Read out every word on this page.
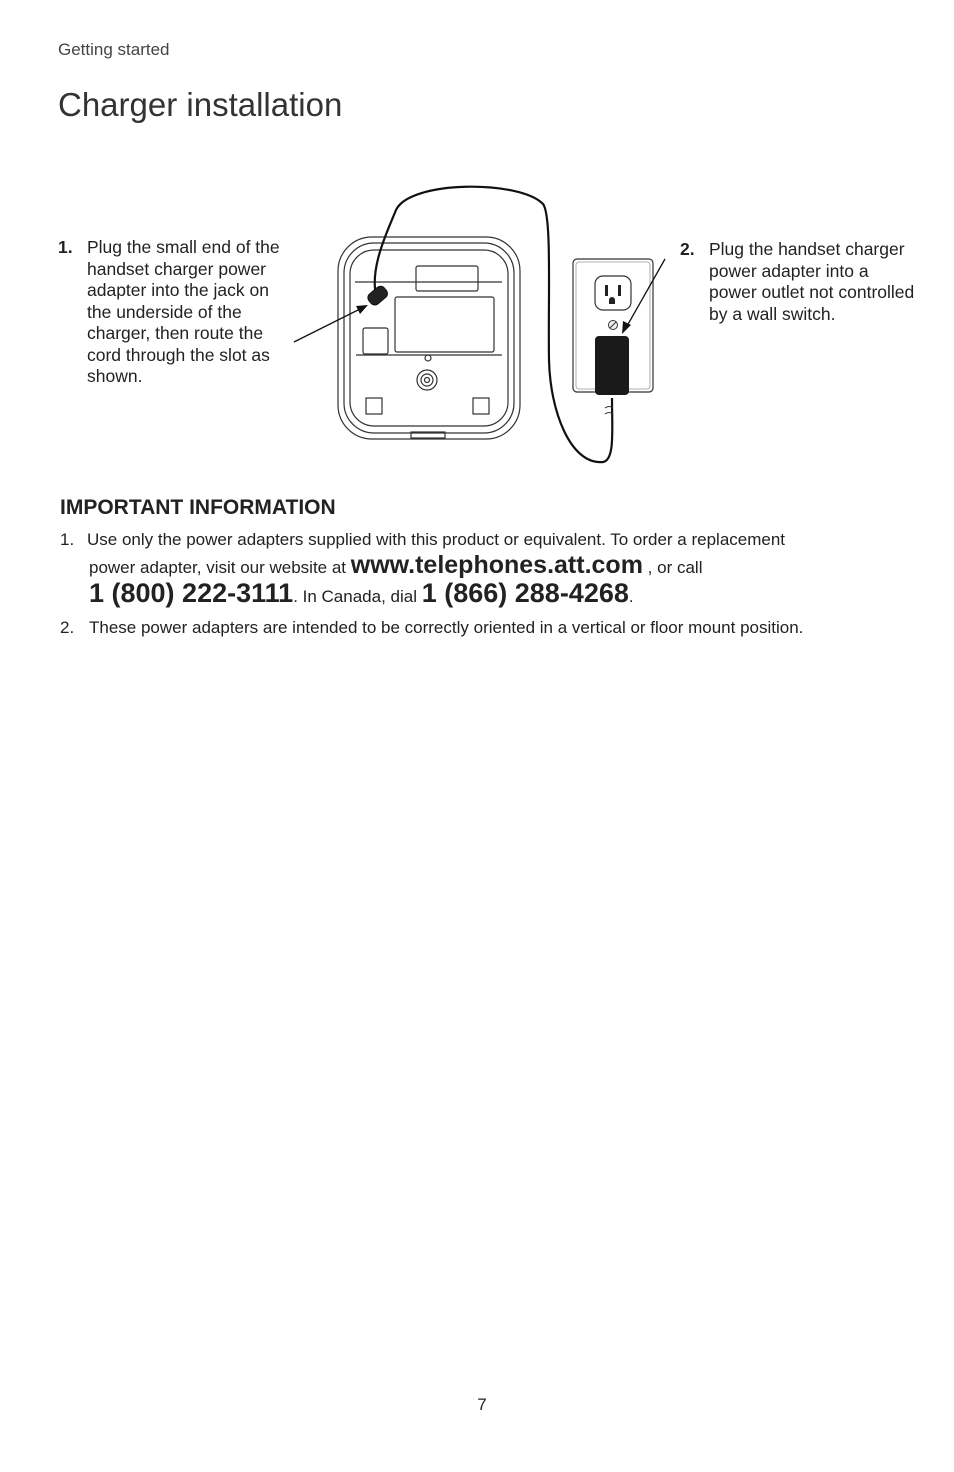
Getting started
Charger installation
1. Plug the small end of the handset charger power adapter into the jack on the underside of the charger, then route the cord through the slot as shown.
2. Plug the handset charger power adapter into a power outlet not controlled by a wall switch.
IMPORTANT INFORMATION
1. Use only the power adapters supplied with this product or equivalent. To order a replacement
power adapter, visit our website at www.telephones.att.com , or call
1 (800) 222-3111. In Canada, dial 1 (866) 288-4268.
2. These power adapters are intended to be correctly oriented in a vertical or floor mount position.
7
